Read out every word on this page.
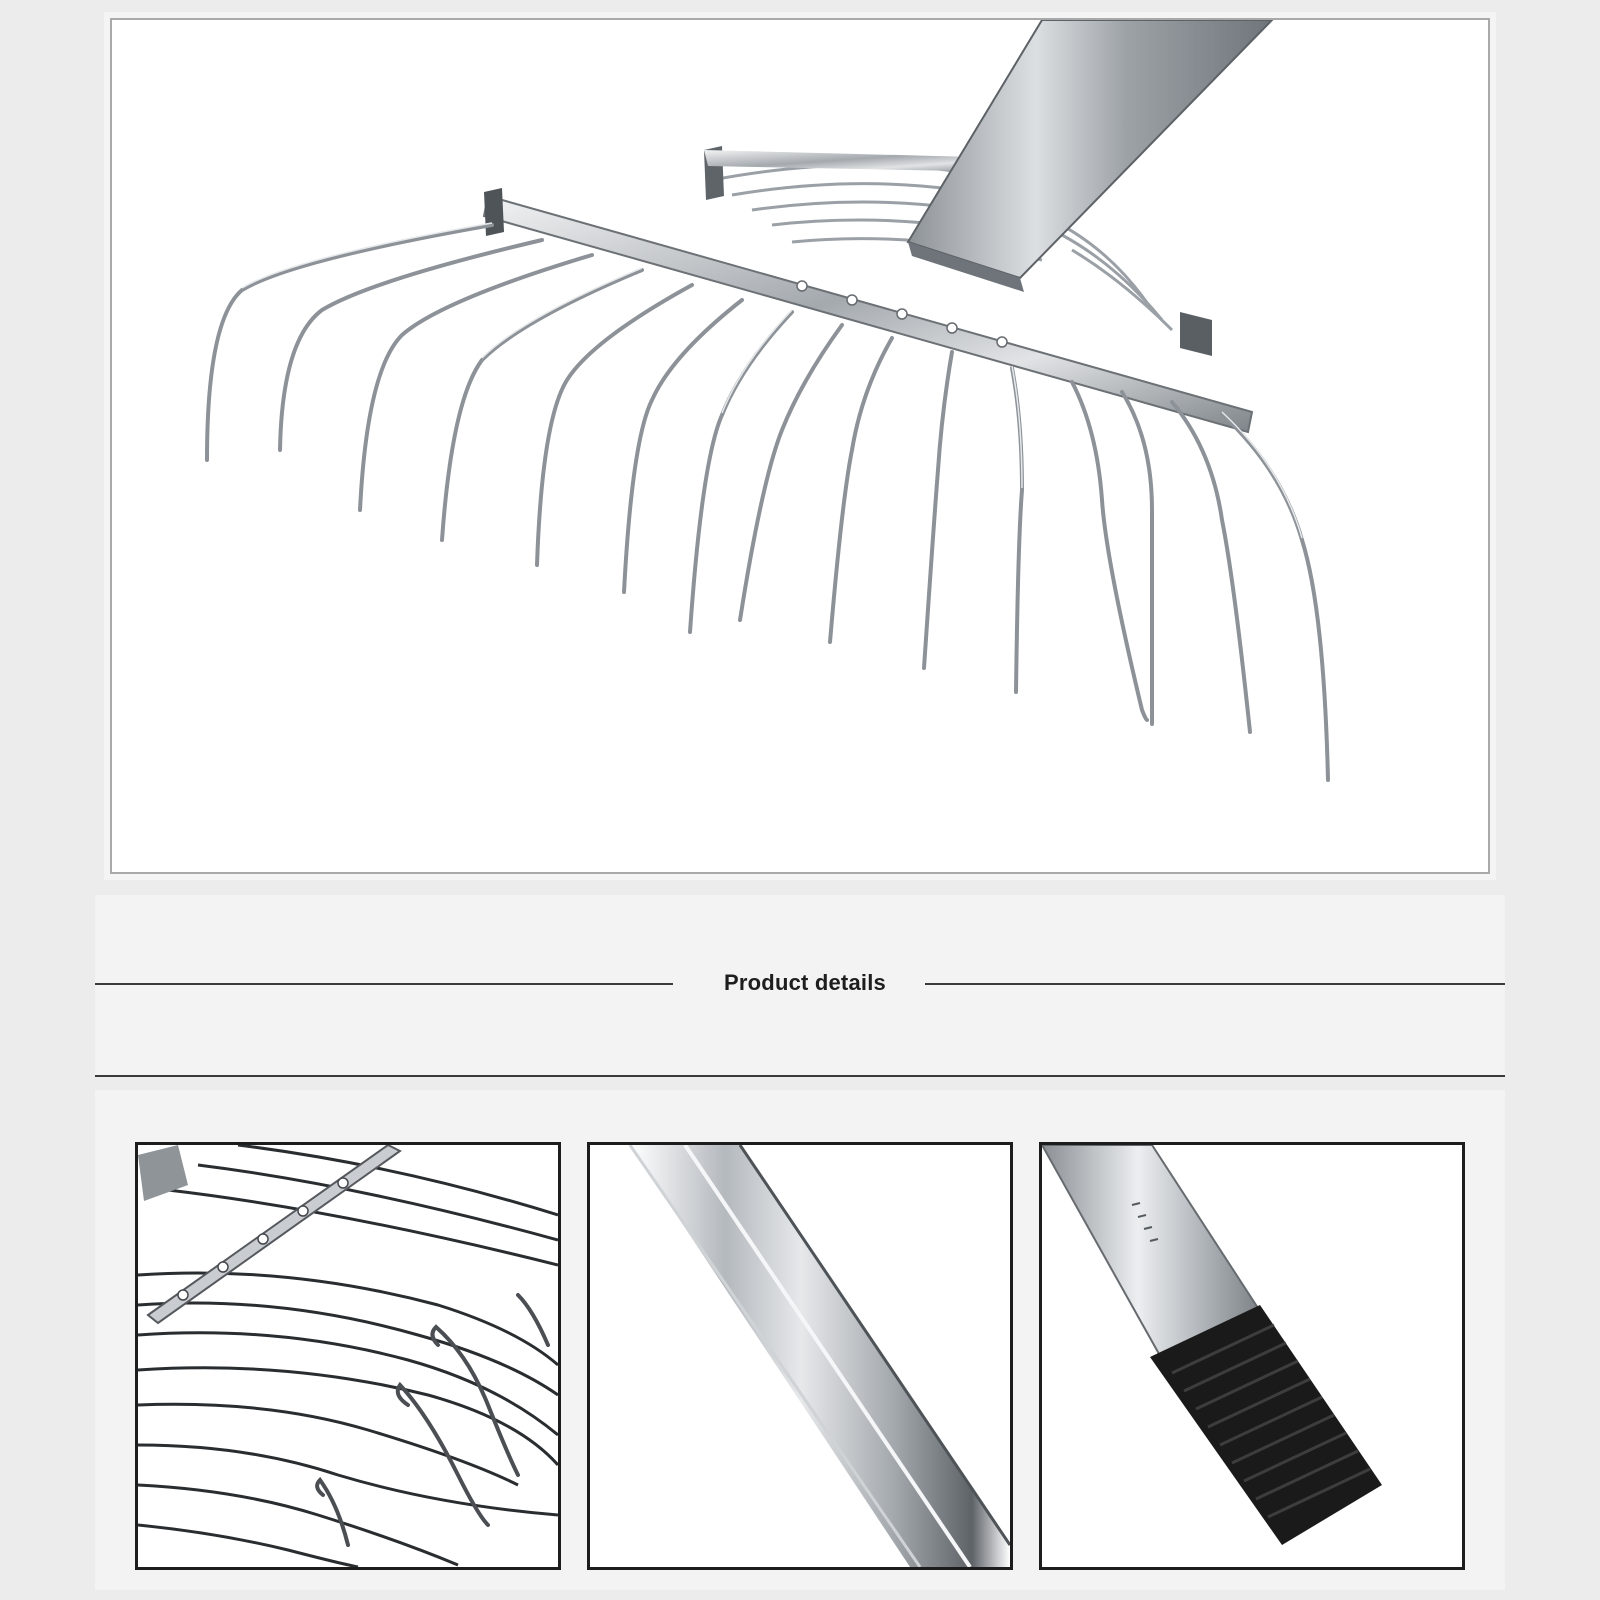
Product details
